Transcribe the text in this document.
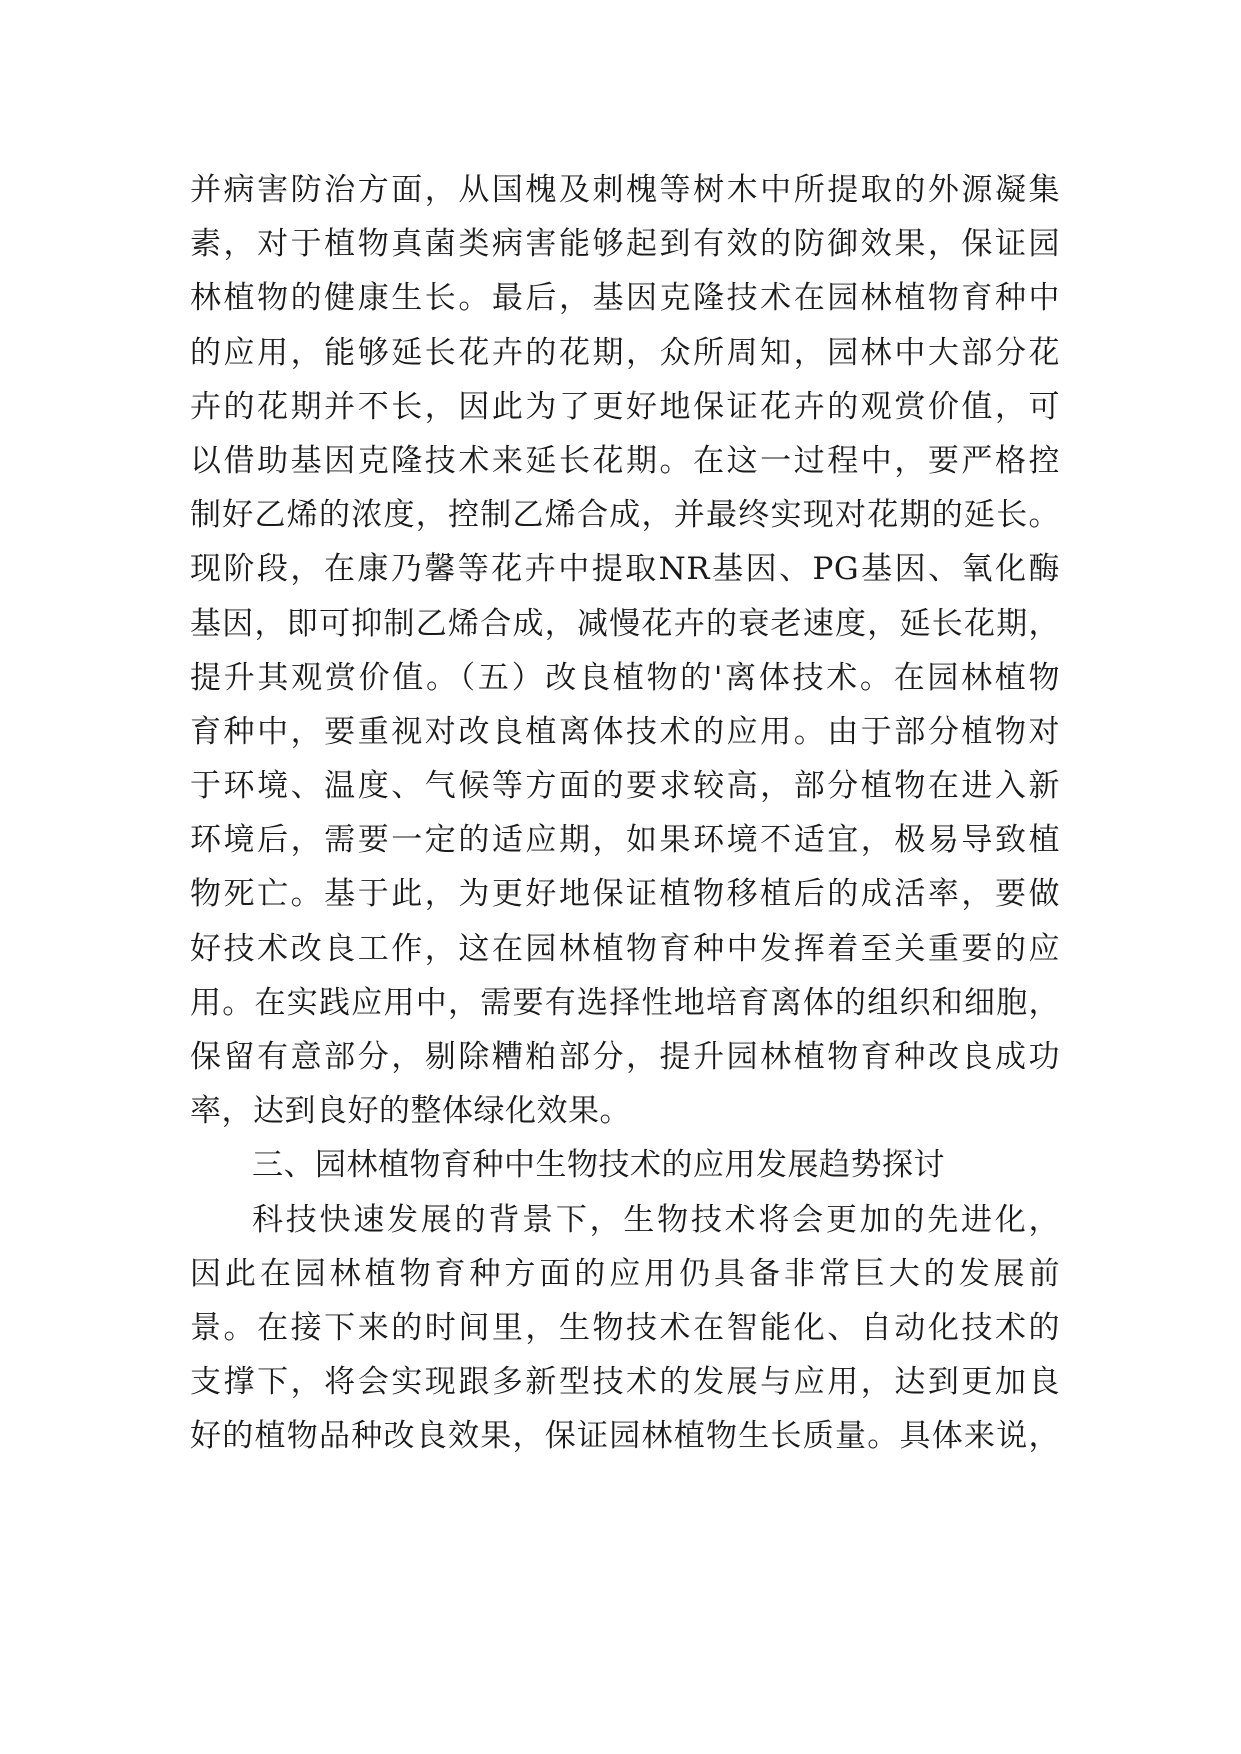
并病害防治方面，从国槐及刺槐等树木中所提取的外源凝集
素，对于植物真菌类病害能够起到有效的防御效果，保证园
林植物的健康生长。最后，基因克隆技术在园林植物育种中
的应用，能够延长花卉的花期，众所周知，园林中大部分花
卉的花期并不长，因此为了更好地保证花卉的观赏价值，可
以借助基因克隆技术来延长花期。在这一过程中，要严格控
制好乙烯的浓度，控制乙烯合成，并最终实现对花期的延长。
现阶段，在康乃馨等花卉中提取NR基因、PG基因、氧化酶
基因，即可抑制乙烯合成，减慢花卉的衰老速度，延长花期，
提升其观赏价值。（五）改良植物的'离体技术。在园林植物
育种中，要重视对改良植离体技术的应用。由于部分植物对
于环境、温度、气候等方面的要求较高，部分植物在进入新
环境后，需要一定的适应期，如果环境不适宜，极易导致植
物死亡。基于此，为更好地保证植物移植后的成活率，要做
好技术改良工作，这在园林植物育种中发挥着至关重要的应
用。在实践应用中，需要有选择性地培育离体的组织和细胞，
保留有意部分，剔除糟粕部分，提升园林植物育种改良成功
率，达到良好的整体绿化效果。
三、园林植物育种中生物技术的应用发展趋势探讨
科技快速发展的背景下，生物技术将会更加的先进化，
因此在园林植物育种方面的应用仍具备非常巨大的发展前
景。在接下来的时间里，生物技术在智能化、自动化技术的
支撑下，将会实现跟多新型技术的发展与应用，达到更加良
好的植物品种改良效果，保证园林植物生长质量。具体来说，
